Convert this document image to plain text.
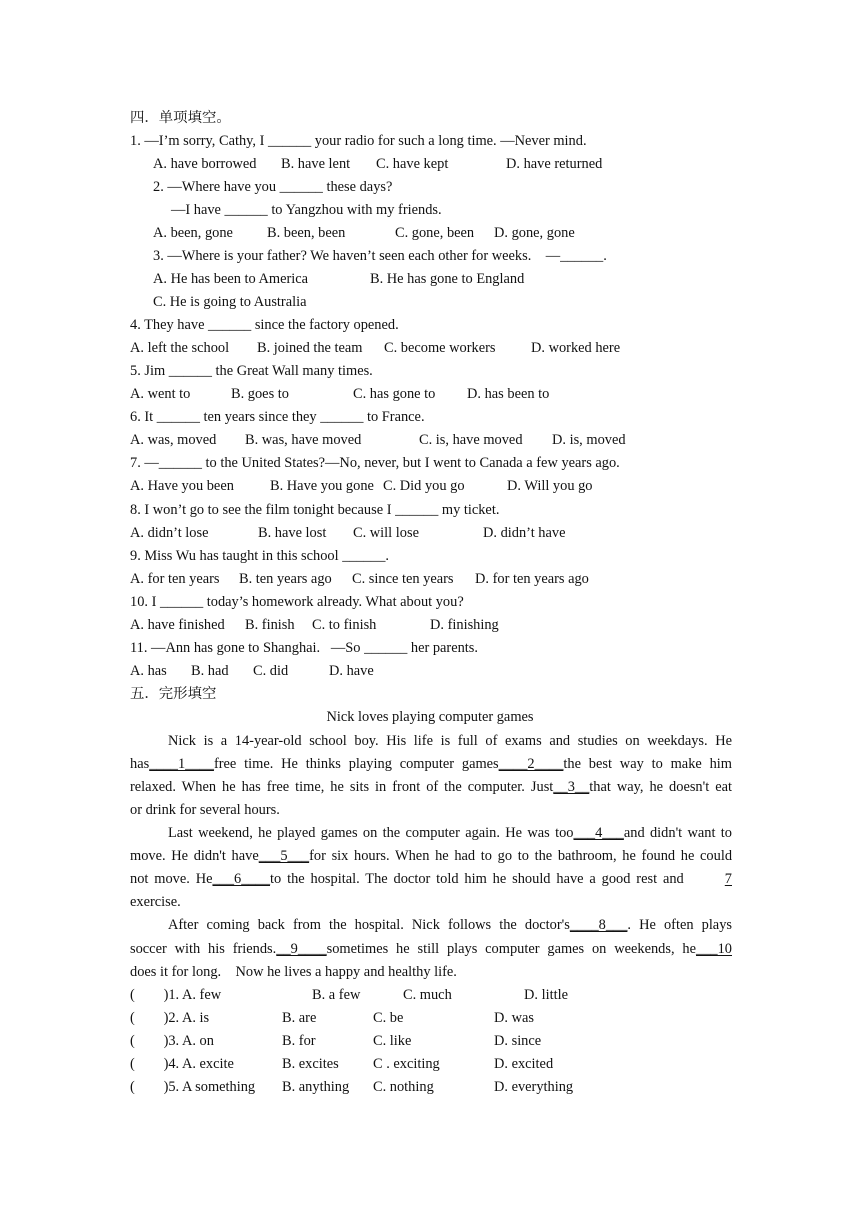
四．单项填空。
1. —I’m sorry, Cathy, I ______ your radio for such a long time. —Never mind.
A. have borrowed B. have lent C. have kept	D. have returned
2. —Where have you ______ these days?
—I have ______ to Yangzhou with my friends.
A. been, gone B. been, been	C. gone, been D. gone, gone
3. —Where is your father? We haven’t seen each other for weeks.    —______.
A. He has been to America	B. He has gone to England
C. He is going to Australia
4. They have ______ since the factory opened.
A. left the school B. joined the team C. become workers D. worked here
5. Jim ______ the Great Wall many times.
A. went to	B. goes to	C. has gone to D. has been to
6. It ______ ten years since they ______ to France.
A. was, moved B. was, have moved	C. is, have moved D. is, moved
7. —______ to the United States?—No, never, but I went to Canada a few years ago.
A. Have you been	B. Have you gone C. Did you go	D. Will you go
8. I won’t go to see the film tonight because I ______ my ticket.
A. didn’t lose	B. have lost C. will lose	D. didn’t have
9. Miss Wu has taught in this school ______.
A. for ten years B. ten years ago C. since ten years D. for ten years ago
10. I ______ today’s homework already. What about you?
A. have finished B. finish C. to finish	D. finishing
11. —Ann has gone to Shanghai.   —So ______ her parents.
A. has B. had C. did	D. have
五．完形填空
Nick loves playing computer games
Nick is a 14-year-old school boy. His life is full of exams and studies on weekdays. He
has____1____free time. He thinks playing computer games____2____the best way to make him
relaxed. When he has free time, he sits in front of the computer. Just__3__that way, he doesn't eat
or drink for several hours.
Last weekend, he played games on the computer again. He was too___4___and didn't want to
move. He didn't have___5___for six hours. When he had to go to the bathroom, he found he could
not move. He___6____to the hospital. The doctor told him he should have a good rest and	7
exercise.
After coming back from the hospital. Nick follows the doctor's____8___. He often plays
soccer with his friends.__9____sometimes he still plays computer games on weekends, he___10
does it for long.    Now he lives a happy and healthy life.
(        )1. A. few	B. a few	C. much	D. little
(        )2. A. is	B. are	C. be	D. was
(        )3. A. on	B. for	C. like	D. since
(        )4. A. excite	B. excites C . exciting	D. excited
(        )5. A something B. anything C. nothing	D. everything
